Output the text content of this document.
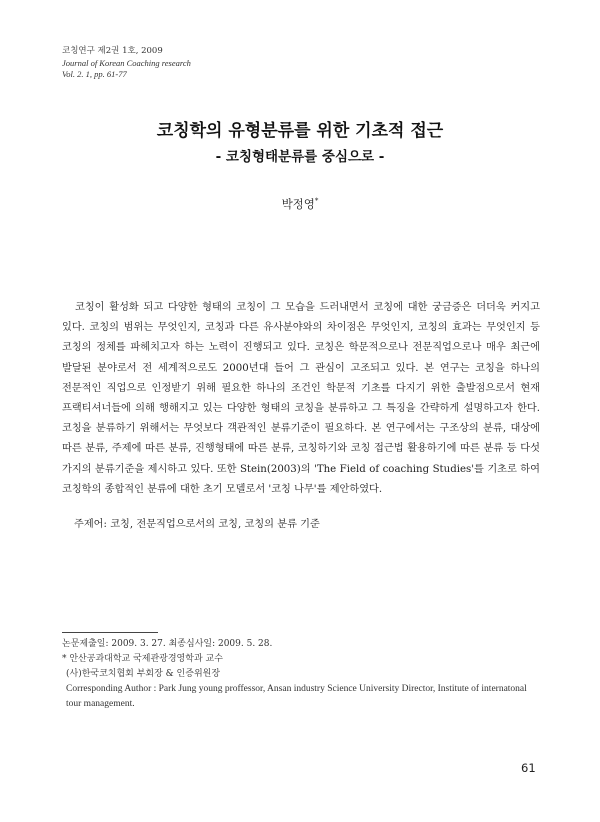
코칭연구 제2권 1호, 2009
Journal of Korean Coaching research
Vol. 2. 1, pp. 61-77
코칭학의 유형분류를 위한 기초적 접근
- 코칭형태분류를 중심으로 -
박정영*

코칭이 활성화 되고 다양한 형태의 코칭이 그 모습을 드러내면서 코칭에 대한 궁금증은 더더욱 커지고 있다. 코칭의 범위는 무엇인지, 코칭과 다른 유사분야와의 차이점은 무엇인지, 코칭의 효과는 무엇인지 등 코칭의 정체를 파헤치고자 하는 노력이 진행되고 있다. 코칭은 학문적으로나 전문직업으로나 매우 최근에 발달된 분야로서 전 세계적으로도 2000년대 들어 그 관심이 고조되고 있다. 본 연구는 코칭을 하나의 전문적인 직업으로 인정받기 위해 필요한 하나의 조건인 학문적 기초를 다지기 위한 출발점으로서 현재 프랙티셔너들에 의해 행해지고 있는 다양한 형태의 코칭을 분류하고 그 특징을 간략하게 설명하고자 한다. 코칭을 분류하기 위해서는 무엇보다 객관적인 분류기준이 필요하다. 본 연구에서는 구조상의 분류, 대상에 따른 분류, 주제에 따른 분류, 진행형태에 따른 분류, 코칭하기와 코칭 접근법 활용하기에 따른 분류 등 다섯 가지의 분류기준을 제시하고 있다. 또한 Stein(2003)의 'The Field of coaching Studies'를 기초로 하여 코칭학의 종합적인 분류에 대한 초기 모델로서 '코칭 나무'를 제안하였다.

주제어: 코칭, 전문직업으로서의 코칭, 코칭의 분류 기준
논문제출일: 2009. 3. 27. 최종심사일: 2009. 5. 28.
* 안산공과대학교 국제관광경영학과 교수
(사)한국코치협회 부회장 & 인증위원장
Corresponding Author : Park Jung young proffessor, Ansan industry Science University Director, Institute of internatonal tour management.
61
